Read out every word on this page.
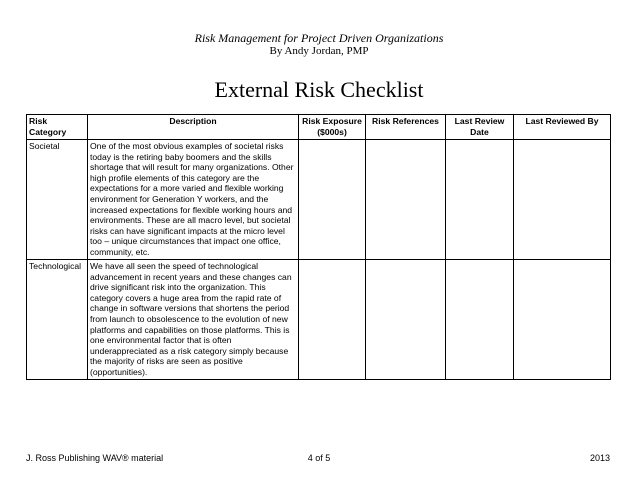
Risk Management for Project Driven Organizations
By Andy Jordan, PMP
External Risk Checklist
Risk Category	Description	Risk Exposure ($000s)	Risk References	Last Review Date	Last Reviewed By
Societal	One of the most obvious examples of societal risks today is the retiring baby boomers and the skills shortage that will result for many organizations. Other high profile elements of this category are the expectations for a more varied and flexible working environment for Generation Y workers, and the increased expectations for flexible working hours and environments. These are all macro level, but societal risks can have significant impacts at the micro level too – unique circumstances that impact one office, community, etc.				
Technological	We have all seen the speed of technological advancement in recent years and these changes can drive significant risk into the organization. This category covers a huge area from the rapid rate of change in software versions that shortens the period from launch to obsolescence to the evolution of new platforms and capabilities on those platforms. This is one environmental factor that is often underappreciated as a risk category simply because the majority of risks are seen as positive (opportunities).				
J. Ross Publishing WAV® material	4 of 5	2013
